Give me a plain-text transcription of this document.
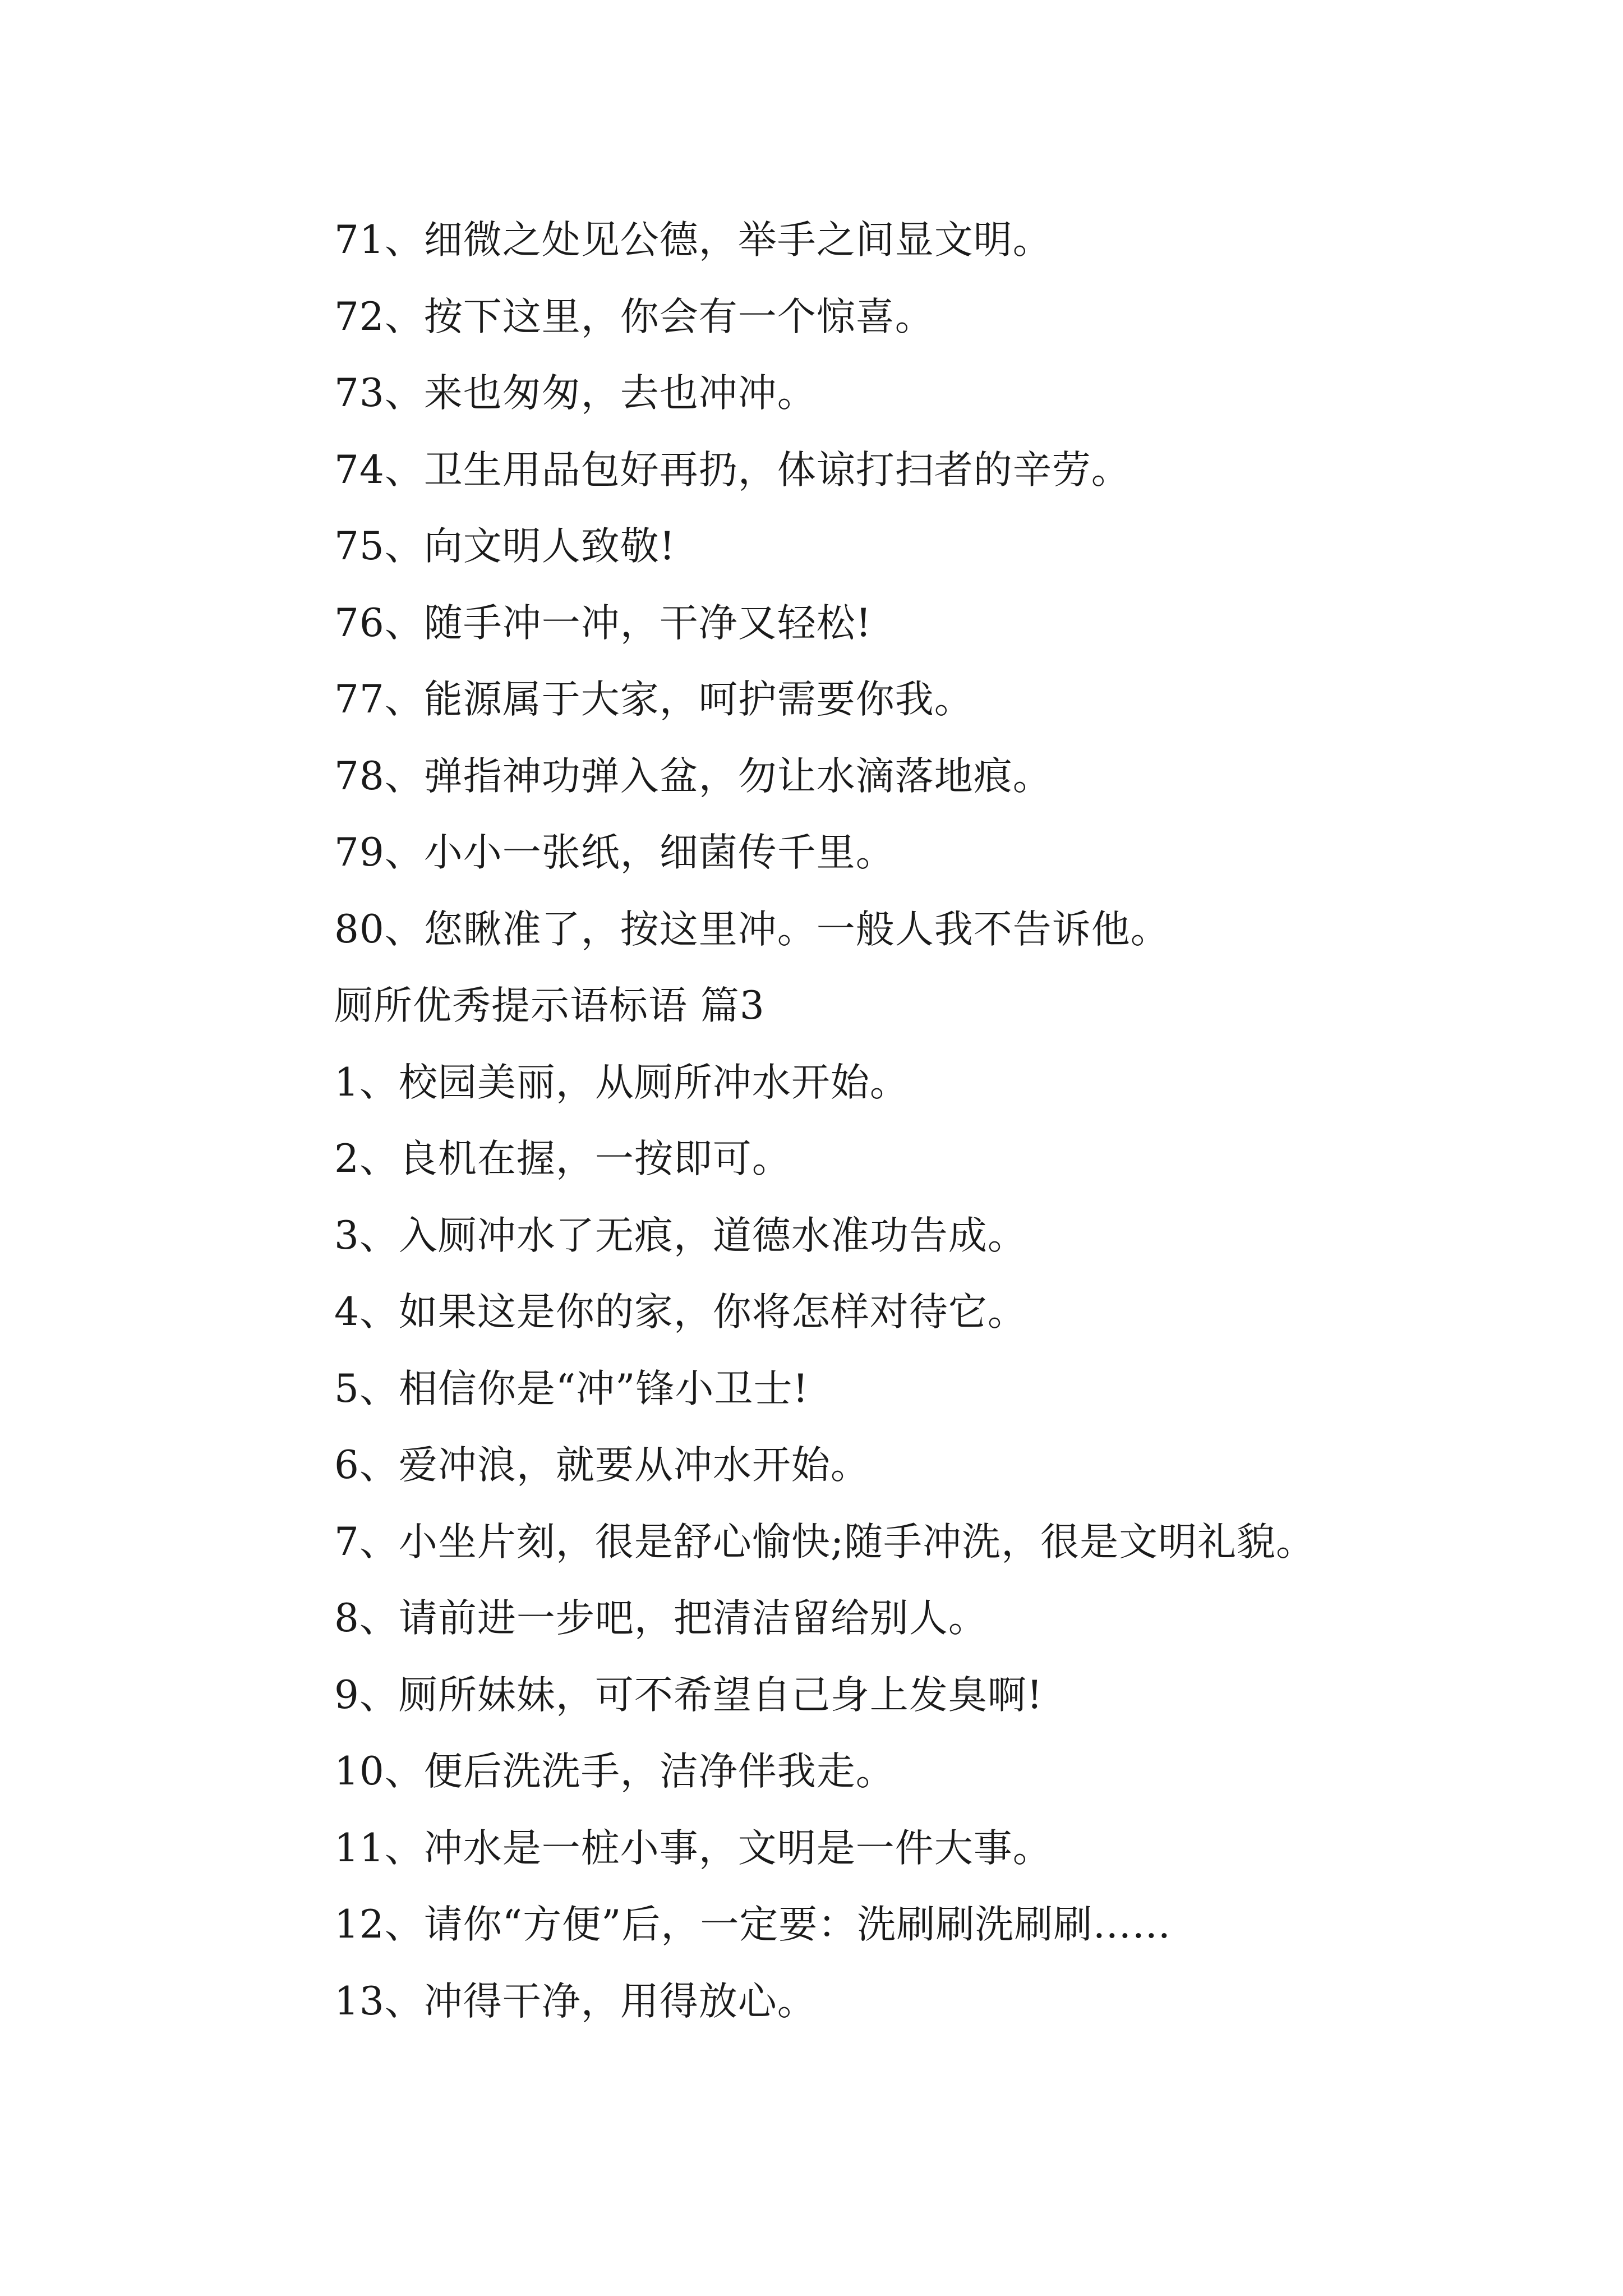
71、细微之处见公德，举手之间显文明。
72、按下这里，你会有一个惊喜。
73、来也匆匆，去也冲冲。
74、卫生用品包好再扔，体谅打扫者的辛劳。
75、向文明人致敬!
76、随手冲一冲，干净又轻松!
77、能源属于大家，呵护需要你我。
78、弹指神功弹入盆，勿让水滴落地痕。
79、小小一张纸，细菌传千里。
80、您瞅准了，按这里冲。一般人我不告诉他。
厕所优秀提示语标语 篇3
1、校园美丽，从厕所冲水开始。
2、良机在握，一按即可。
3、入厕冲水了无痕，道德水准功告成。
4、如果这是你的家，你将怎样对待它。
5、相信你是“冲”锋小卫士!
6、爱冲浪，就要从冲水开始。
7、小坐片刻，很是舒心愉快;随手冲洗，很是文明礼貌。
8、请前进一步吧，把清洁留给别人。
9、厕所妹妹，可不希望自己身上发臭啊!
10、便后洗洗手，洁净伴我走。
11、冲水是一桩小事，文明是一件大事。
12、请你“方便”后，一定要：洗刷刷洗刷刷……
13、冲得干净，用得放心。
